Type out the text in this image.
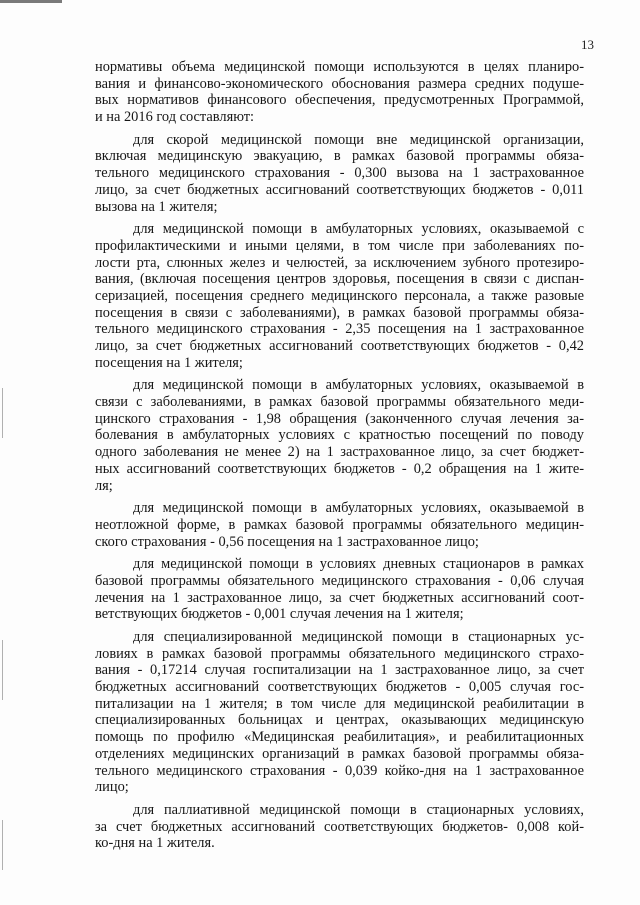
13
нормативы объема медицинской помощи используются в целях планиро-
вания и финансово-экономического обоснования размера средних подуше-
вых нормативов финансового обеспечения, предусмотренных Программой,
и на 2016 год составляют:
для скорой медицинской помощи вне медицинской организации,
включая медицинскую эвакуацию, в рамках базовой программы обяза-
тельного медицинского страхования - 0,300 вызова на 1 застрахованное
лицо, за счет бюджетных ассигнований соответствующих бюджетов - 0,011
вызова на 1 жителя;
для медицинской помощи в амбулаторных условиях, оказываемой с
профилактическими и иными целями, в том числе при заболеваниях по-
лости рта, слюнных желез и челюстей, за исключением зубного протезиро-
вания, (включая посещения центров здоровья, посещения в связи с диспан-
серизацией, посещения среднего медицинского персонала, а также разовые
посещения в связи с заболеваниями), в рамках базовой программы обяза-
тельного медицинского страхования - 2,35 посещения на 1 застрахованное
лицо, за счет бюджетных ассигнований соответствующих бюджетов - 0,42
посещения на 1 жителя;
для медицинской помощи в амбулаторных условиях, оказываемой в
связи с заболеваниями, в рамках базовой программы обязательного меди-
цинского страхования - 1,98 обращения (законченного случая лечения за-
болевания в амбулаторных условиях с кратностью посещений по поводу
одного заболевания не менее 2) на 1 застрахованное лицо, за счет бюджет-
ных ассигнований соответствующих бюджетов - 0,2 обращения на 1 жите-
ля;
для медицинской помощи в амбулаторных условиях, оказываемой в
неотложной форме, в рамках базовой программы обязательного медицин-
ского страхования - 0,56 посещения на 1 застрахованное лицо;
для медицинской помощи в условиях дневных стационаров в рамках
базовой программы обязательного медицинского страхования - 0,06 случая
лечения на 1 застрахованное лицо, за счет бюджетных ассигнований соот-
ветствующих бюджетов - 0,001 случая лечения на 1 жителя;
для специализированной медицинской помощи в стационарных ус-
ловиях в рамках базовой программы обязательного медицинского страхо-
вания - 0,17214 случая госпитализации на 1 застрахованное лицо, за счет
бюджетных ассигнований соответствующих бюджетов - 0,005 случая гос-
питализации на 1 жителя; в том числе для медицинской реабилитации в
специализированных больницах и центрах, оказывающих медицинскую
помощь по профилю «Медицинская реабилитация», и реабилитационных
отделениях медицинских организаций в рамках базовой программы обяза-
тельного медицинского страхования - 0,039 койко-дня на 1 застрахованное
лицо;
для паллиативной медицинской помощи в стационарных условиях,
за счет бюджетных ассигнований соответствующих бюджетов- 0,008 кой-
ко-дня на 1 жителя.
